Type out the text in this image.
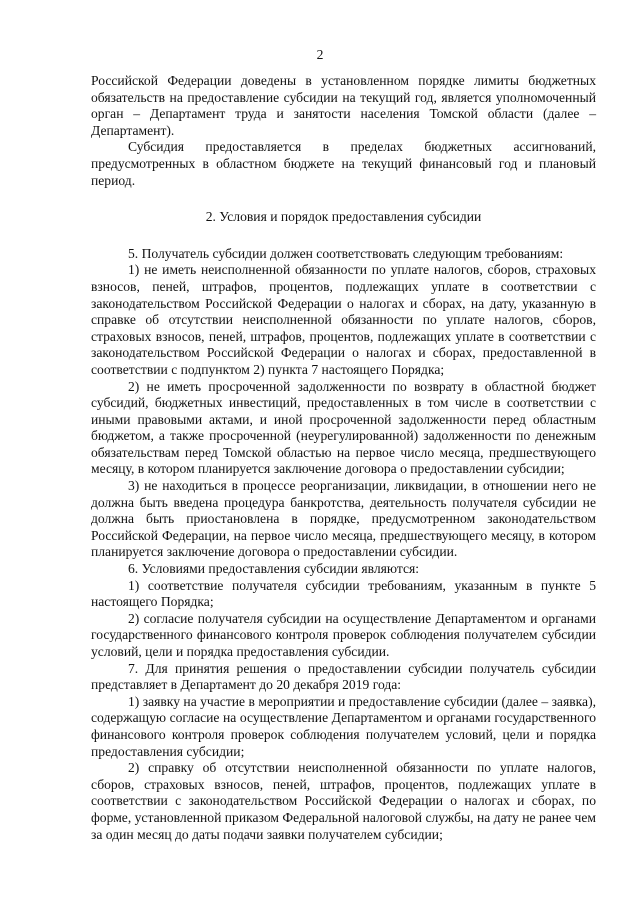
2

Российской Федерации доведены в установленном порядке лимиты бюджетных обязательств на предоставление субсидии на текущий год, является уполномоченный орган – Департамент труда и занятости населения Томской области (далее – Департамент).

Субсидия предоставляется в пределах бюджетных ассигнований, предусмотренных в областном бюджете на текущий финансовый год и плановый период.

2. Условия и порядок предоставления субсидии

5. Получатель субсидии должен соответствовать следующим требованиям:

1) не иметь неисполненной обязанности по уплате налогов, сборов, страховых взносов, пеней, штрафов, процентов, подлежащих уплате в соответствии с законодательством Российской Федерации о налогах и сборах, на дату, указанную в справке об отсутствии неисполненной обязанности по уплате налогов, сборов, страховых взносов, пеней, штрафов, процентов, подлежащих уплате в соответствии с законодательством Российской Федерации о налогах и сборах, предоставленной в соответствии с подпунктом 2) пункта 7 настоящего Порядка;

2) не иметь просроченной задолженности по возврату в областной бюджет субсидий, бюджетных инвестиций, предоставленных в том числе в соответствии с иными правовыми актами, и иной просроченной задолженности перед областным бюджетом, а также просроченной (неурегулированной) задолженности по денежным обязательствам перед Томской областью на первое число месяца, предшествующего месяцу, в котором планируется заключение договора о предоставлении субсидии;

3) не находиться в процессе реорганизации, ликвидации, в отношении него не должна быть введена процедура банкротства, деятельность получателя субсидии не должна быть приостановлена в порядке, предусмотренном законодательством Российской Федерации, на первое число месяца, предшествующего месяцу, в котором планируется заключение договора о предоставлении субсидии.

6. Условиями предоставления субсидии являются:

1) соответствие получателя субсидии требованиям, указанным в пункте 5 настоящего Порядка;

2) согласие получателя субсидии на осуществление Департаментом и органами государственного финансового контроля проверок соблюдения получателем субсидии условий, цели и порядка предоставления субсидии.

7. Для принятия решения о предоставлении субсидии получатель субсидии представляет в Департамент до 20 декабря 2019 года:

1) заявку на участие в мероприятии и предоставление субсидии (далее – заявка), содержащую согласие на осуществление Департаментом и органами государственного финансового контроля проверок соблюдения получателем условий, цели и порядка предоставления субсидии;

2) справку об отсутствии неисполненной обязанности по уплате налогов, сборов, страховых взносов, пеней, штрафов, процентов, подлежащих уплате в соответствии с законодательством Российской Федерации о налогах и сборах, по форме, установленной приказом Федеральной налоговой службы, на дату не ранее чем за один месяц до даты подачи заявки получателем субсидии;
